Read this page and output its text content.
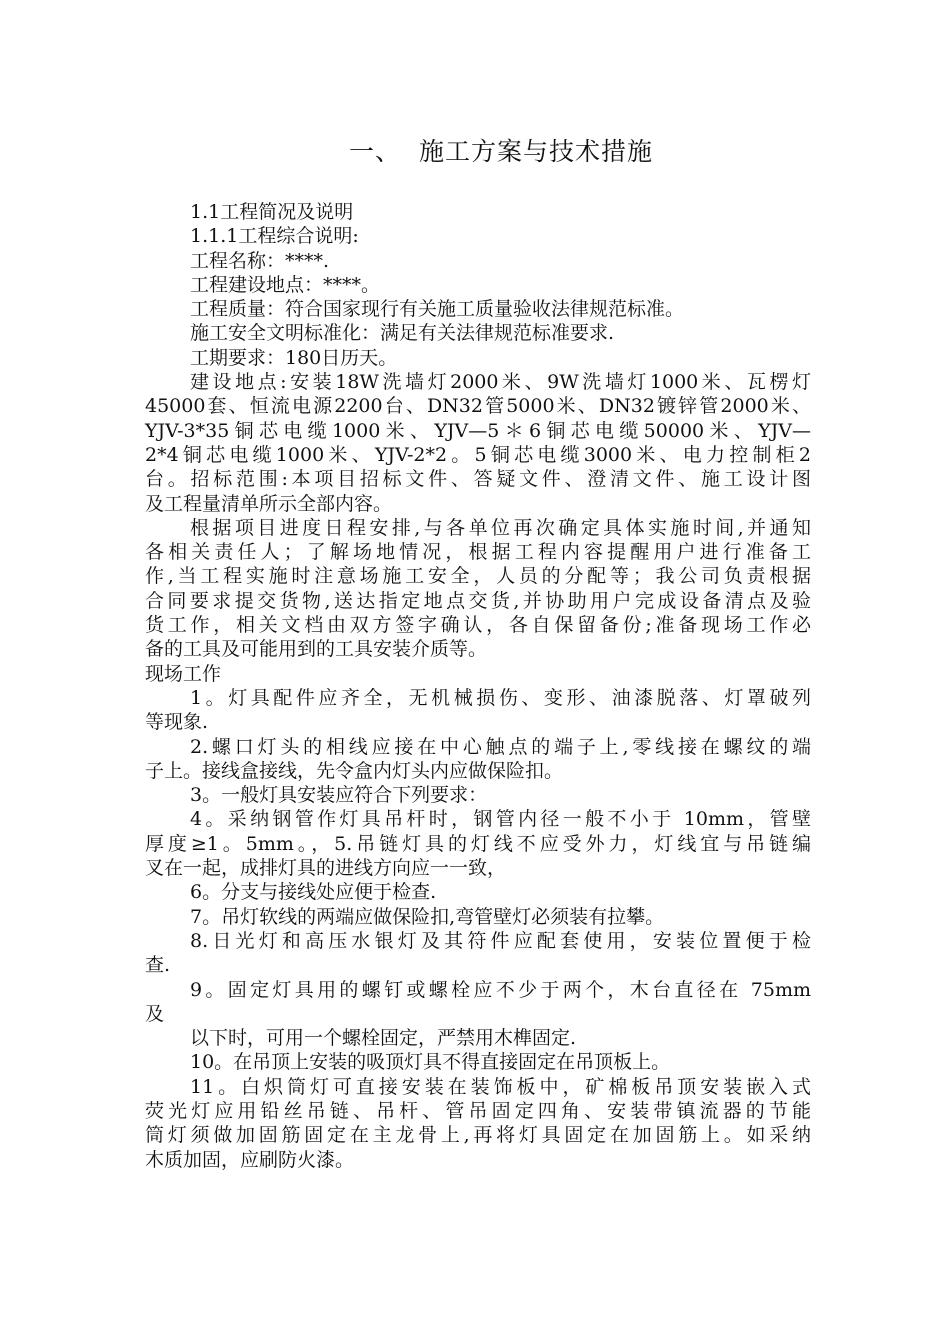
一、  施工方案与技术措施
1.1工程简况及说明
1.1.1工程综合说明:
工程名称：****.
工程建设地点：****。
工程质量：符合国家现行有关施工质量验收法律规范标准。
施工安全文明标准化：满足有关法律规范标准要求.
工期要求：180日历天。
建设地点:安装18W洗墙灯2000米、9W洗墙灯1000米、瓦楞灯
45000套、恒流电源2200台、DN32管5000米、DN32镀锌管2000米、
YJV-3*35铜芯电缆1000米、YJV—5＊6铜芯电缆50000米、YJV—
2*4铜芯电缆1000米、YJV-2*2。5铜芯电缆3000米、电力控制柜2
台。招标范围:本项目招标文件、答疑文件、澄清文件、施工设计图
及工程量清单所示全部内容。
根据项目进度日程安排,与各单位再次确定具体实施时间,并通知
各相关责任人；了解场地情况，根据工程内容提醒用户进行准备工
作,当工程实施时注意场施工安全，人员的分配等；我公司负责根据
合同要求提交货物,送达指定地点交货,并协助用户完成设备清点及验
货工作，相关文档由双方签字确认，各自保留备份;准备现场工作必
备的工具及可能用到的工具安装介质等。
现场工作
1。灯具配件应齐全，无机械损伤、变形、油漆脱落、灯罩破列
等现象.
2.螺口灯头的相线应接在中心触点的端子上,零线接在螺纹的端
子上。接线盒接线，先令盒内灯头内应做保险扣。
3。一般灯具安装应符合下列要求：
4。采纳钢管作灯具吊杆时，钢管内径一般不小于 10mm，管壁
厚度≥1。5mm。，5.吊链灯具的灯线不应受外力，灯线宜与吊链编
叉在一起，成排灯具的进线方向应一一致，
6。分支与接线处应便于检查.
7。吊灯软线的两端应做保险扣,弯管壁灯必须装有拉攀。
8.日光灯和高压水银灯及其符件应配套使用，安装位置便于检
查.
9。固定灯具用的螺钉或螺栓应不少于两个，木台直径在 75mm
及
以下时，可用一个螺栓固定，严禁用木榫固定.
10。在吊顶上安装的吸顶灯具不得直接固定在吊顶板上。
11。白炽筒灯可直接安装在装饰板中，矿棉板吊顶安装嵌入式
荧光灯应用铅丝吊链、吊杆、管吊固定四角、安装带镇流器的节能
筒灯须做加固筋固定在主龙骨上,再将灯具固定在加固筋上。如采纳
木质加固，应刷防火漆。
